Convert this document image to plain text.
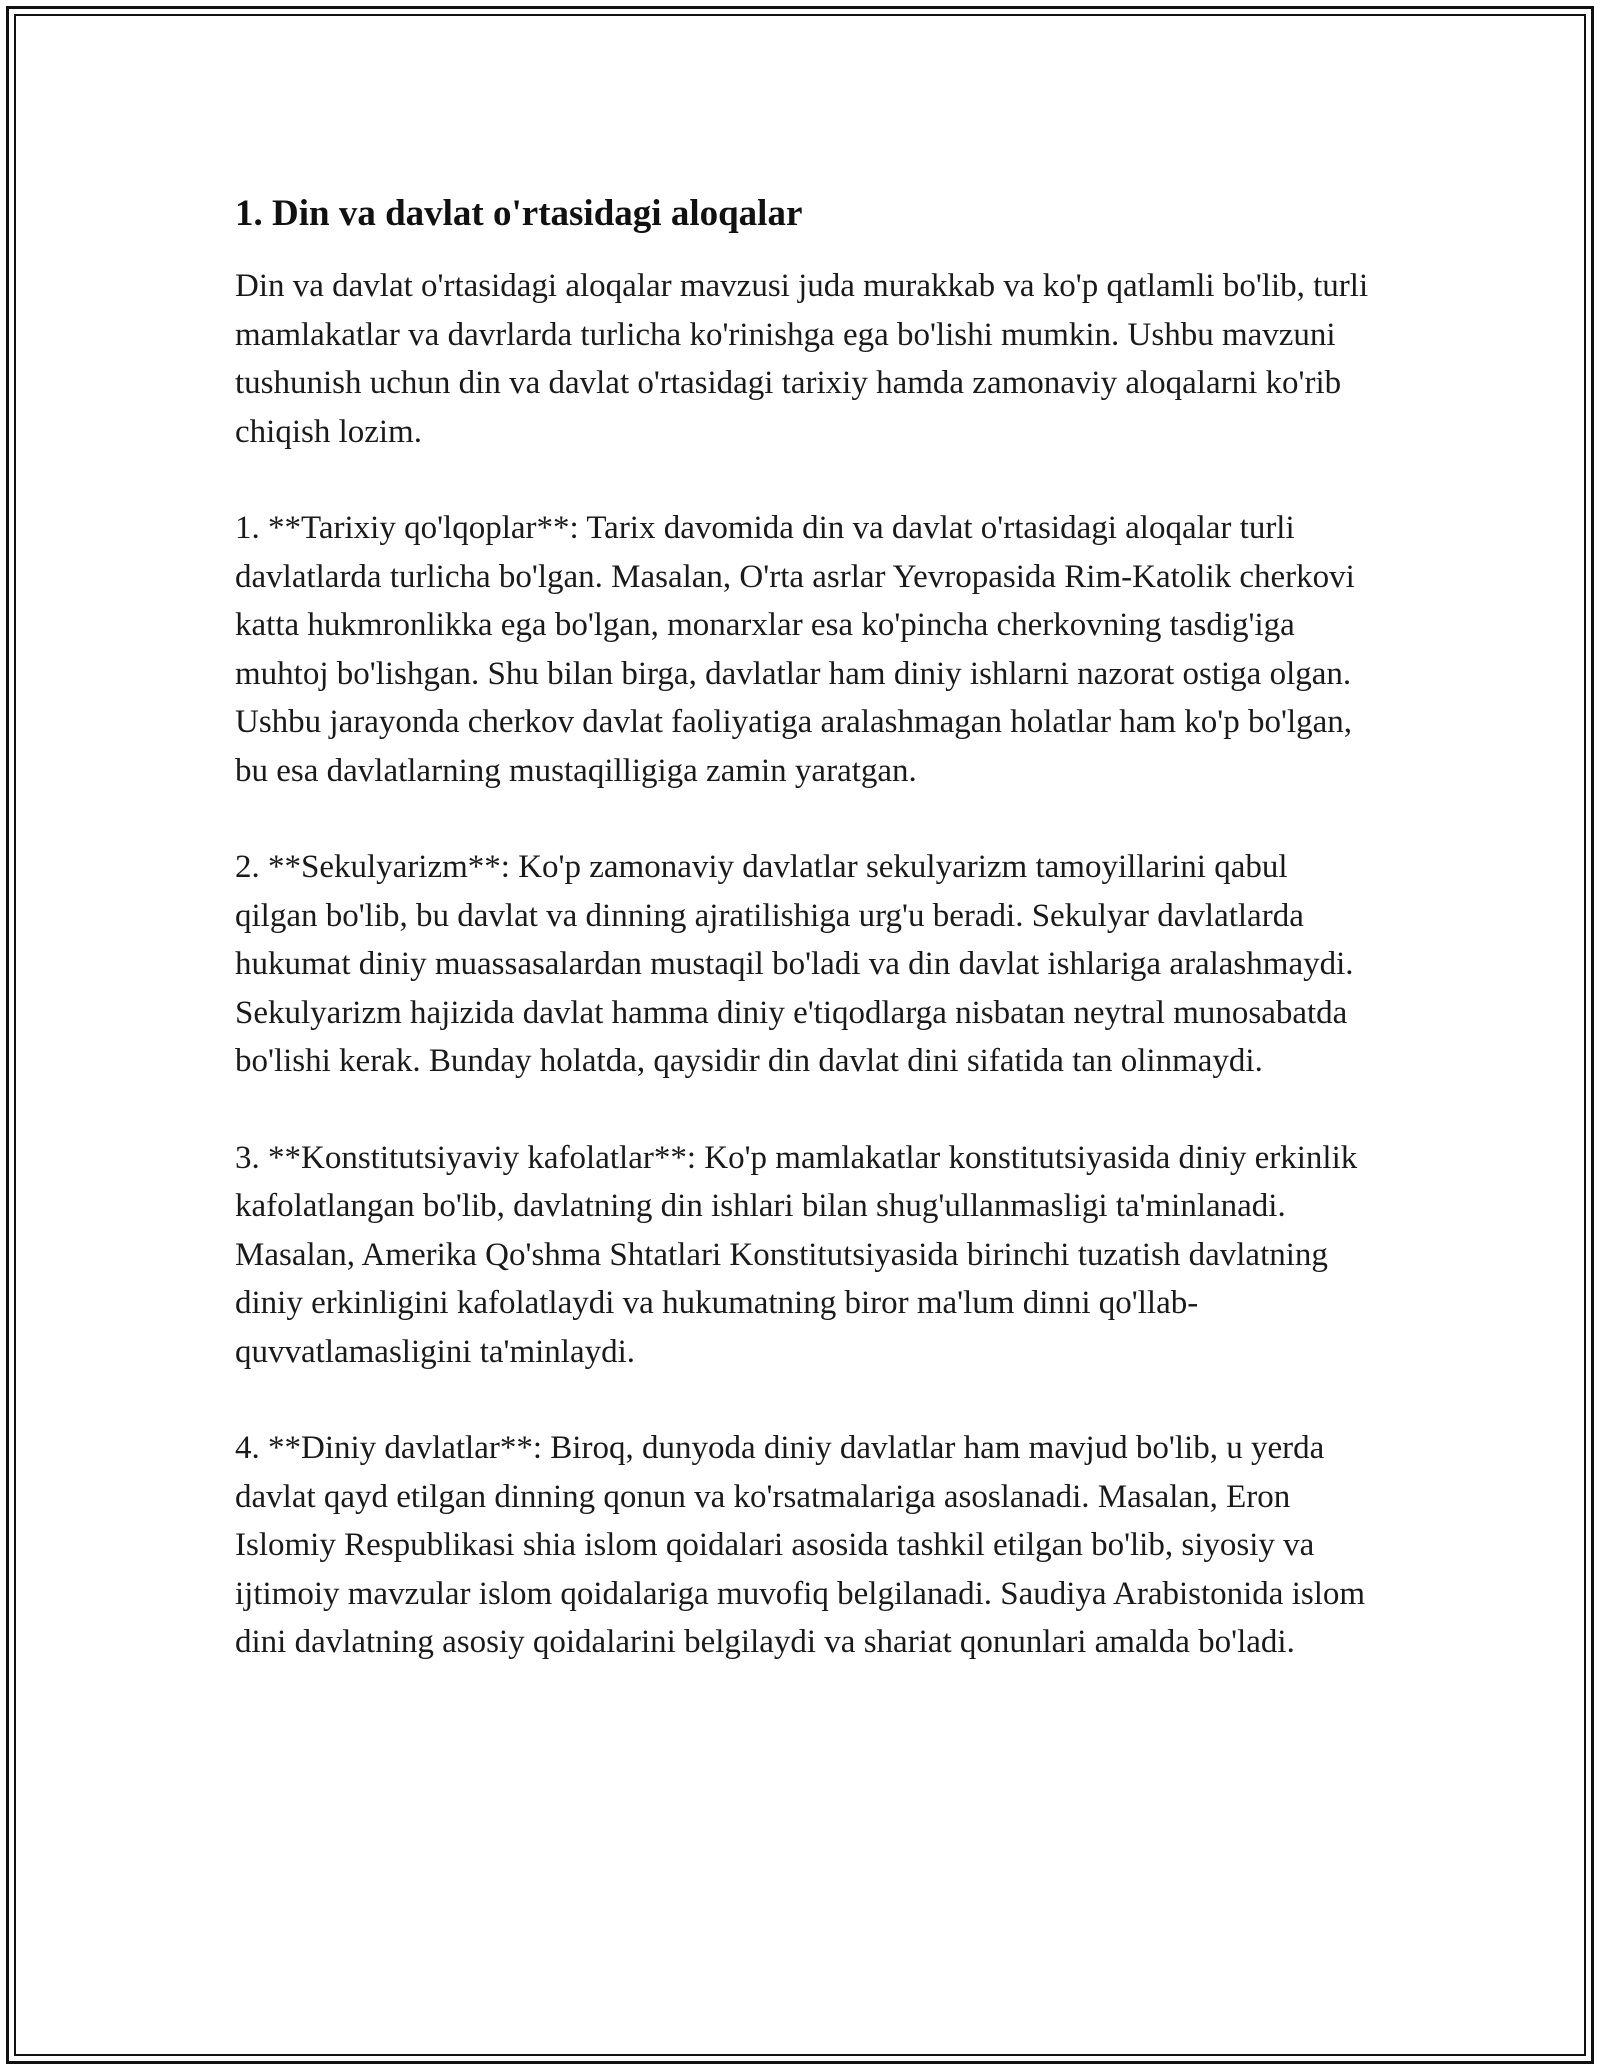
1. Din va davlat o'rtasidagi aloqalar

Din va davlat o'rtasidagi aloqalar mavzusi juda murakkab va ko'p qatlamli bo'lib, turli mamlakatlar va davrlarda turlicha ko'rinishga ega bo'lishi mumkin. Ushbu mavzuni tushunish uchun din va davlat o'rtasidagi tarixiy hamda zamonaviy aloqalarni ko'rib chiqish lozim.

1. **Tarixiy qo'lqoplar**: Tarix davomida din va davlat o'rtasidagi aloqalar turli davlatlarda turlicha bo'lgan. Masalan, O'rta asrlar Yevropasida Rim-Katolik cherkovi katta hukmronlikka ega bo'lgan, monarxlar esa ko'pincha cherkovning tasdig'iga muhtoj bo'lishgan. Shu bilan birga, davlatlar ham diniy ishlarni nazorat ostiga olgan. Ushbu jarayonda cherkov davlat faoliyatiga aralashmagan holatlar ham ko'p bo'lgan, bu esa davlatlarning mustaqilligiga zamin yaratgan.

2. **Sekulyarizm**: Ko'p zamonaviy davlatlar sekulyarizm tamoyillarini qabul qilgan bo'lib, bu davlat va dinning ajratilishiga urg'u beradi. Sekulyar davlatlarda hukumat diniy muassasalardan mustaqil bo'ladi va din davlat ishlariga aralashmaydi. Sekulyarizm hajizida davlat hamma diniy e'tiqodlarga nisbatan neytral munosabatda bo'lishi kerak. Bunday holatda, qaysidir din davlat dini sifatida tan olinmaydi.

3. **Konstitutsiyaviy kafolatlar**: Ko'p mamlakatlar konstitutsiyasida diniy erkinlik kafolatlangan bo'lib, davlatning din ishlari bilan shug'ullanmasligi ta'minlanadi. Masalan, Amerika Qo'shma Shtatlari Konstitutsiyasida birinchi tuzatish davlatning diniy erkinligini kafolatlaydi va hukumatning biror ma'lum dinni qo'llab-quvvatlamasligini ta'minlaydi.

4. **Diniy davlatlar**: Biroq, dunyoda diniy davlatlar ham mavjud bo'lib, u yerda davlat qayd etilgan dinning qonun va ko'rsatmalariga asoslanadi. Masalan, Eron Islomiy Respublikasi shia islom qoidalari asosida tashkil etilgan bo'lib, siyosiy va ijtimoiy mavzular islom qoidalariga muvofiq belgilanadi. Saudiya Arabistonida islom dini davlatning asosiy qoidalarini belgilaydi va shariat qonunlari amalda bo'ladi.
